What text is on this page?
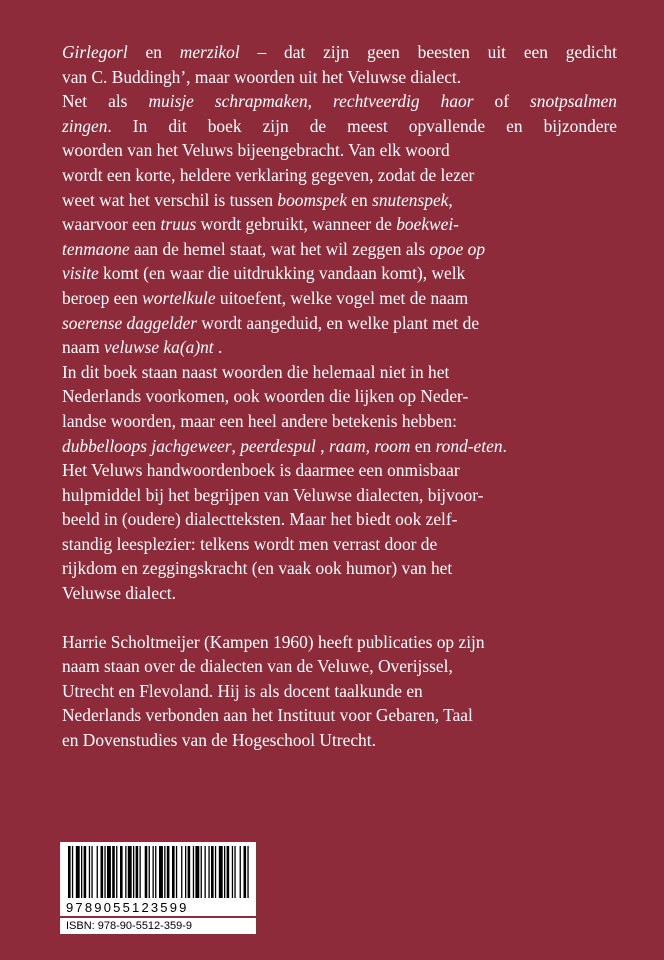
Girlegorl en merzikol – dat zijn geen beesten uit een gedicht
van C. Buddingh’, maar woorden uit het Veluwse dialect.
Net als muisje schrapmaken, rechtveerdig haor of snotpsalmen
zingen. In dit boek zijn de meest opvallende en bijzondere
woorden van het Veluws bijeengebracht. Van elk woord
wordt een korte, heldere verklaring gegeven, zodat de lezer
weet wat het verschil is tussen boomspek en snutenspek,
waarvoor een truus wordt gebruikt, wanneer de boekwei-
tenmaone aan de hemel staat, wat het wil zeggen als opoe op
visite komt (en waar die uitdrukking vandaan komt), welk
beroep een wortelkule uitoefent, welke vogel met de naam
soerense daggelder wordt aangeduid, en welke plant met de
naam veluwse ka(a)nt .
In dit boek staan naast woorden die helemaal niet in het
Nederlands voorkomen, ook woorden die lijken op Neder-
landse woorden, maar een heel andere betekenis hebben:
dubbelloops jachgeweer, peerdespul , raam, room en rond-eten.
Het Veluws handwoordenboek is daarmee een onmisbaar
hulpmiddel bij het begrijpen van Veluwse dialecten, bijvoor-
beeld in (oudere) dialectteksten. Maar het biedt ook zelf-
standig leesplezier: telkens wordt men verrast door de
rijkdom en zeggingskracht (en vaak ook humor) van het
Veluwse dialect.
Harrie Scholtmeijer (Kampen 1960) heeft publicaties op zijn
naam staan over de dialecten van de Veluwe, Overijssel,
Utrecht en Flevoland. Hij is als docent taalkunde en
Nederlands verbonden aan het Instituut voor Gebaren, Taal
en Dovenstudies van de Hogeschool Utrecht.
9789055123599
ISBN: 978-90-5512-359-9
